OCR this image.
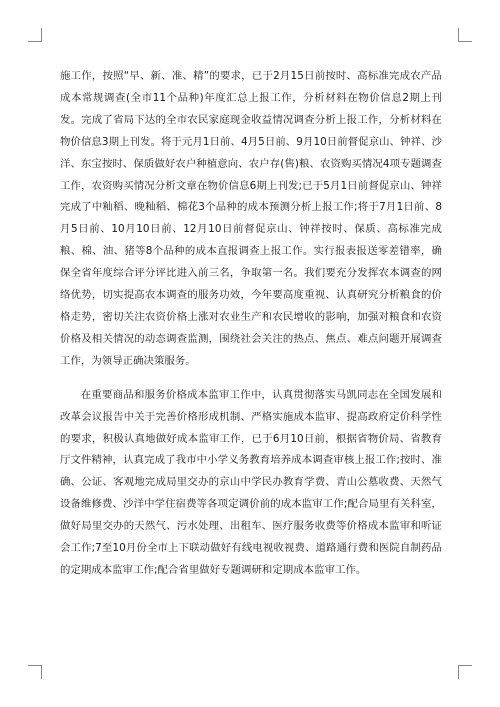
施工作，按照“早、新、准、精”的要求，已于2月15日前按时、高标准完成农产品成本常规调查(全市11个品种)年度汇总上报工作，分析材料在物价信息2期上刊发。完成了省局下达的全市农民家庭现金收益情况调查分析上报工作，分析材料在物价信息3期上刊发。将于元月1日前、4月5日前、9月10日前督促京山、钟祥、沙洋、东宝按时、保质做好农户种植意向、农户存(售)粮、农资购买情况4项专题调查工作，农资购买情况分析文章在物价信息6期上刊发;已于5月1日前督促京山、钟祥完成了中籼稻、晚籼稻、棉花3个品种的成本预测分析上报工作;将于7月1日前、8月5日前、10月10日前、12月10日前督促京山、钟祥按时、保质、高标准完成粮、棉、油、猪等8个品种的成本直报调查上报工作。实行报表报送零差错率，确保全省年度综合评分评比进入前三名，争取第一名。我们要充分发挥农本调查的网络优势，切实提高农本调查的服务功效，今年要高度重视、认真研究分析粮食的价格走势，密切关注农资价格上涨对农业生产和农民增收的影响，加强对粮食和农资价格及相关情况的动态调查监测，围绕社会关注的热点、焦点、难点问题开展调查工作，为领导正确决策服务。

在重要商品和服务价格成本监审工作中，认真贯彻落实马凯同志在全国发展和改革会议报告中关于完善价格形成机制、严格实施成本监审、提高政府定价科学性的要求，积极认真地做好成本监审工作，已于6月10日前，根据省物价局、省教育厅文件精神，认真完成了我市中小学义务教育培养成本调查审核上报工作;按时、准确、公证、客观地完成局里交办的京山中学民办教育学费、青山公墓收费、天然气设备维修费、沙洋中学住宿费等各项定调价前的成本监审工作;配合局里有关科室，做好局里交办的天然气、污水处理、出租车、医疗服务收费等价格成本监审和听证会工作;7至10月份全市上下联动做好有线电视收视费、道路通行费和医院自制药品的定期成本监审工作;配合省里做好专题调研和定期成本监审工作。
